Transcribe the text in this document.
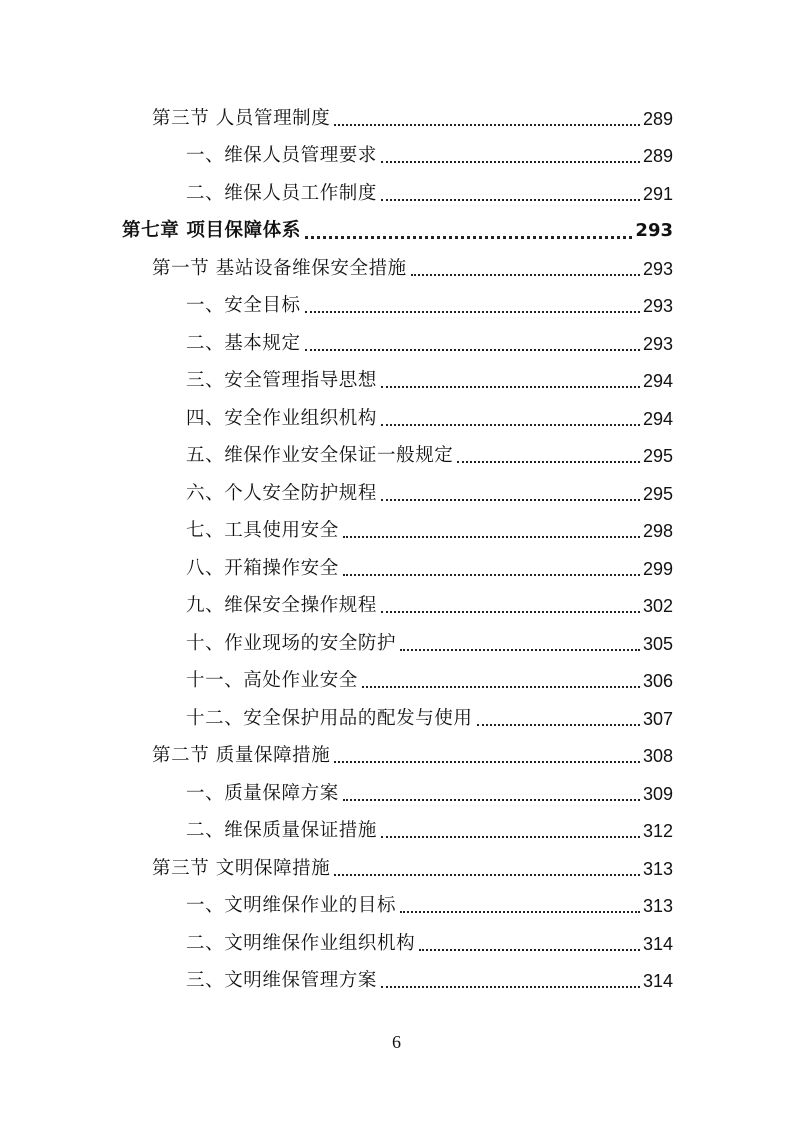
第三节 人员管理制度	289
一、维保人员管理要求	289
二、维保人员工作制度	291
第七章 项目保障体系	293
第一节 基站设备维保安全措施	293
一、安全目标	293
二、基本规定	293
三、安全管理指导思想	294
四、安全作业组织机构	294
五、维保作业安全保证一般规定	295
六、个人安全防护规程	295
七、工具使用安全	298
八、开箱操作安全	299
九、维保安全操作规程	302
十、作业现场的安全防护	305
十一、高处作业安全	306
十二、安全保护用品的配发与使用	307
第二节 质量保障措施	308
一、质量保障方案	309
二、维保质量保证措施	312
第三节 文明保障措施	313
一、文明维保作业的目标	313
二、文明维保作业组织机构	314
三、文明维保管理方案	314
6
